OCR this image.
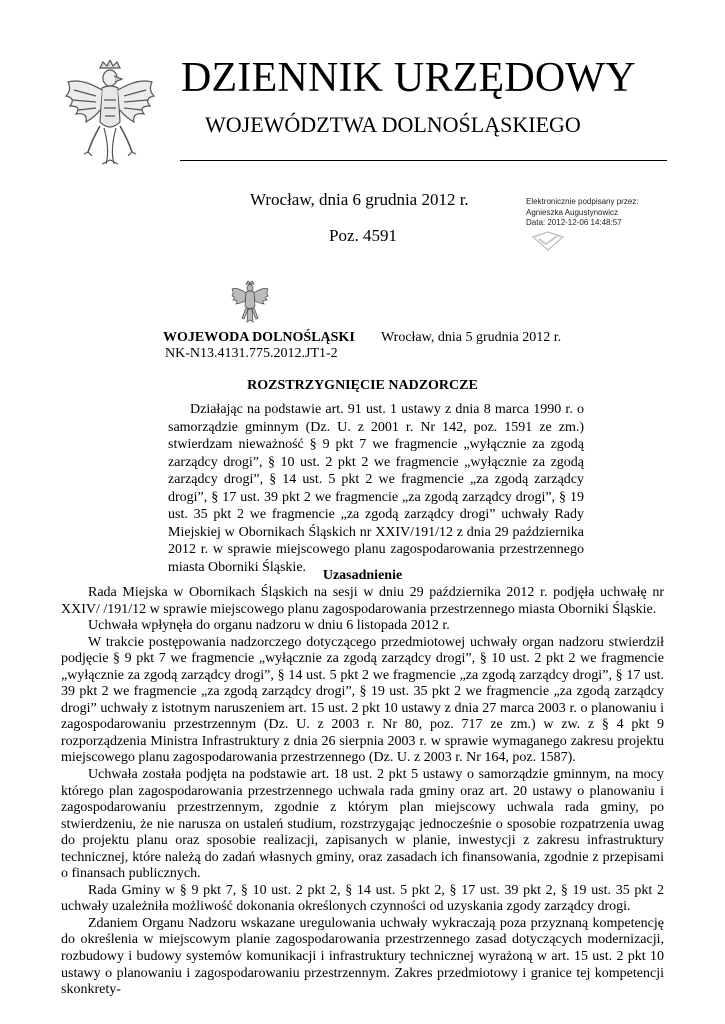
DZIENNIK URZĘDOWY
WOJEWÓDZTWA DOLNOŚLĄSKIEGO
Wrocław, dnia 6 grudnia 2012 r.
Poz. 4591
Elektronicznie podpisany przez:
Agnieszka Augustynowicz
Data: 2012-12-06 14:48:57
WOJEWODA DOLNOŚLĄSKI
NK-N13.4131.775.2012.JT1-2
Wrocław, dnia 5 grudnia 2012 r.
ROZSTRZYGNIĘCIE NADZORCZE

Działając na podstawie art. 91 ust. 1 ustawy z dnia 8 marca 1990 r. o samorządzie gminnym (Dz. U. z 2001 r. Nr 142, poz. 1591 ze zm.) stwierdzam nieważność § 9 pkt 7 we fragmencie „wyłącznie za zgodą zarządcy drogi”, § 10 ust. 2 pkt 2 we fragmencie „wyłącznie za zgodą zarządcy drogi”, § 14 ust. 5 pkt 2 we fragmencie „za zgodą zarządcy drogi”, § 17 ust. 39 pkt 2 we fragmencie „za zgodą zarządcy drogi”, § 19 ust. 35 pkt 2 we fragmencie „za zgodą zarządcy drogi” uchwały Rady Miejskiej w Obornikach Śląskich nr XXIV/191/12 z dnia 29 października 2012 r. w sprawie miejscowego planu zagospodarowania przestrzennego miasta Oborniki Śląskie.

Uzasadnienie

Rada Miejska w Obornikach Śląskich na sesji w dniu 29 października 2012 r. podjęła uchwałę nr XXIV/ /191/12 w sprawie miejscowego planu zagospodarowania przestrzennego miasta Oborniki Śląskie.

Uchwała wpłynęła do organu nadzoru w dniu 6 listopada 2012 r.

W trakcie postępowania nadzorczego dotyczącego przedmiotowej uchwały organ nadzoru stwierdził podjęcie § 9 pkt 7 we fragmencie „wyłącznie za zgodą zarządcy drogi”, § 10 ust. 2 pkt 2 we fragmencie „wyłącznie za zgodą zarządcy drogi”, § 14 ust. 5 pkt 2 we fragmencie „za zgodą zarządcy drogi”, § 17 ust. 39 pkt 2 we fragmencie „za zgodą zarządcy drogi”, § 19 ust. 35 pkt 2 we fragmencie „za zgodą zarządcy drogi” uchwały z istotnym naruszeniem art. 15 ust. 2 pkt 10 ustawy z dnia 27 marca 2003 r. o planowaniu i zagospodarowaniu przestrzennym (Dz. U. z 2003 r. Nr 80, poz. 717 ze zm.) w zw. z § 4 pkt 9 rozporządzenia Ministra Infrastruktury z dnia 26 sierpnia 2003 r. w sprawie wymaganego zakresu projektu miejscowego planu zagospodarowania przestrzennego (Dz. U. z 2003 r. Nr 164, poz. 1587).

Uchwała została podjęta na podstawie art. 18 ust. 2 pkt 5 ustawy o samorządzie gminnym, na mocy którego plan zagospodarowania przestrzennego uchwala rada gminy oraz art. 20 ustawy o planowaniu i zagospodarowaniu przestrzennym, zgodnie z którym plan miejscowy uchwala rada gminy, po stwierdzeniu, że nie narusza on ustaleń studium, rozstrzygając jednocześnie o sposobie rozpatrzenia uwag do projektu planu oraz sposobie realizacji, zapisanych w planie, inwestycji z zakresu infrastruktury technicznej, które należą do zadań własnych gminy, oraz zasadach ich finansowania, zgodnie z przepisami o finansach publicznych.

Rada Gminy w § 9 pkt 7, § 10 ust. 2 pkt 2, § 14 ust. 5 pkt 2, § 17 ust. 39 pkt 2, § 19 ust. 35 pkt 2 uchwały uzależniła możliwość dokonania określonych czynności od uzyskania zgody zarządcy drogi.

Zdaniem Organu Nadzoru wskazane uregulowania uchwały wykraczają poza przyznaną kompetencję do określenia w miejscowym planie zagospodarowania przestrzennego zasad dotyczących modernizacji, rozbudowy i budowy systemów komunikacji i infrastruktury technicznej wyrażoną w art. 15 ust. 2 pkt 10 ustawy o planowaniu i zagospodarowaniu przestrzennym. Zakres przedmiotowy i granice tej kompetencji skonkrety-
